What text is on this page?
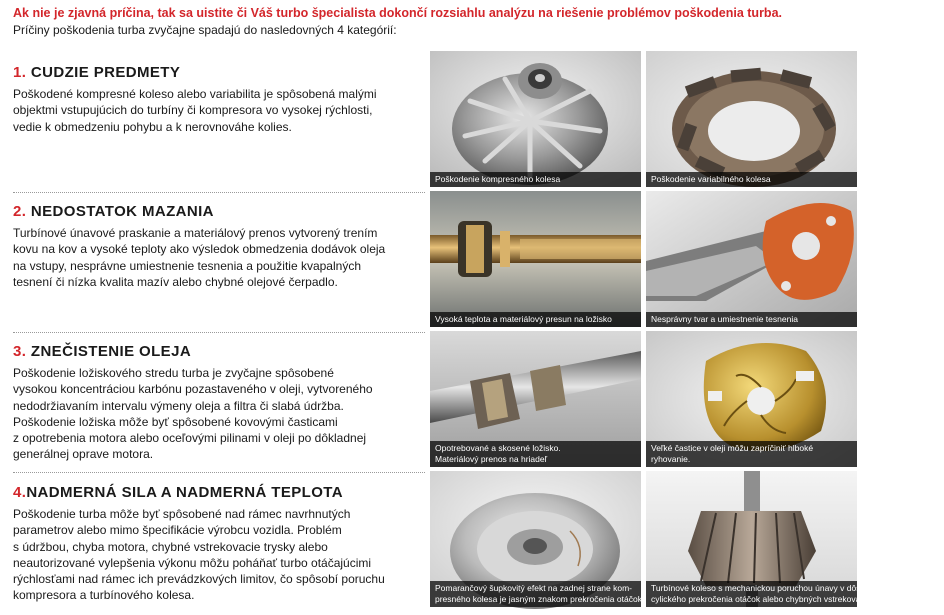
Ak nie je zjavná príčina, tak sa uistite či Váš turbo špecialista dokončí rozsiahlu analýzu na riešenie problémov poškodenia turba.
Príčiny poškodenia turba zvyčajne spadajú do nasledovných 4 kategórií:
1. CUDZIE PREDMETY

Poškodené kompresné koleso alebo variabilita je spôsobená malými
objektmi vstupujúcich do turbíny či kompresora vo vysokej rýchlosti,
vedie k obmedzeniu pohybu a k nerovnováhe kolies.

2. NEDOSTATOK MAZANIA

Turbínové únavové praskanie a materiálový prenos vytvorený trením
kovu na kov a vysoké teploty ako výsledok obmedzenia dodávok oleja
na vstupy, nesprávne umiestnenie tesnenia a použitie kvapalných
tesnení či nízka kvalita mazív alebo chybné olejové čerpadlo.

3. ZNEČISTENIE OLEJA

Poškodenie ložiskového stredu turba je zvyčajne spôsobené
vysokou koncentráciou karbónu pozastaveného v oleji, vytvoreného
nedodržiavaním intervalu výmeny oleja a filtra či slabá údržba.
Poškodenie ložiska môže byť spôsobené kovovými časticami
z opotrebenia motora alebo oceľovými pilinami v oleji po dôkladnej
generálnej oprave motora.

4.NADMERNÁ SILA A NADMERNÁ TEPLOTA

Poškodenie turba môže byť spôsobené nad rámec navrhnutých
parametrov alebo mimo špecifikácie výrobcu vozidla. Problém
s údržbou, chyba motora, chybné vstrekovacie trysky alebo
neautorizované vylepšenia výkonu môžu poháňať turbo otáčajúcimi
rýchlosťami nad rámec ich prevádzkových limitov, čo spôsobí poruchu
kompresora a turbínového kolesa.

Poškodenie kompresného kolesa	Poškodenie variabilného kolesa
Vysoká teplota a materiálový presun na ložisko	Nesprávny tvar a umiestnenie tesnenia
Opotrebované a skosené ložisko.
Materiálový prenos na hriadeľ
Veľké častice v oleji môžu zapríčiniť hlboké
ryhovanie.
Pomarančový šupkovitý efekt na zadnej strane kom-
presného kolesa je jasným znakom prekročenia otáčok
Turbínové koleso s mechanickou poruchou únavy v dôsledku
cylického prekročenia otáčok alebo chybných vstrekovacích trysiek
